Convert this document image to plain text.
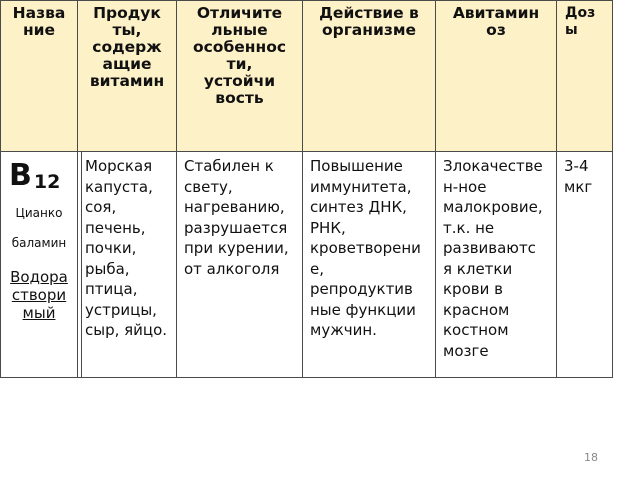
Назва
ние
Продук
ты,
содерж
ащие
витамин
Отличите
льные
особеннос
ти,
устойчи
вость
Действие в
организме
Авитамин
оз
Доз
ы
В $_{12}$
Цианко
баламин
Водора
створи
мый
Морская
капуста,
соя,
печень,
почки,
рыба,
птица,
устрицы,
сыр, яйцо.
Стабилен к
свету,
нагреванию,
разрушается
при курении,
от алкоголя
Повышение
иммунитета,
синтез ДНК,
РНК,
кроветворени
е,
репродуктив
ные функции
мужчин.
Злокачестве
н-ное
малокровие,
т.к. не
развиваютс
я клетки
крови в
красном
костном
мозге
3-4
мкг
18
